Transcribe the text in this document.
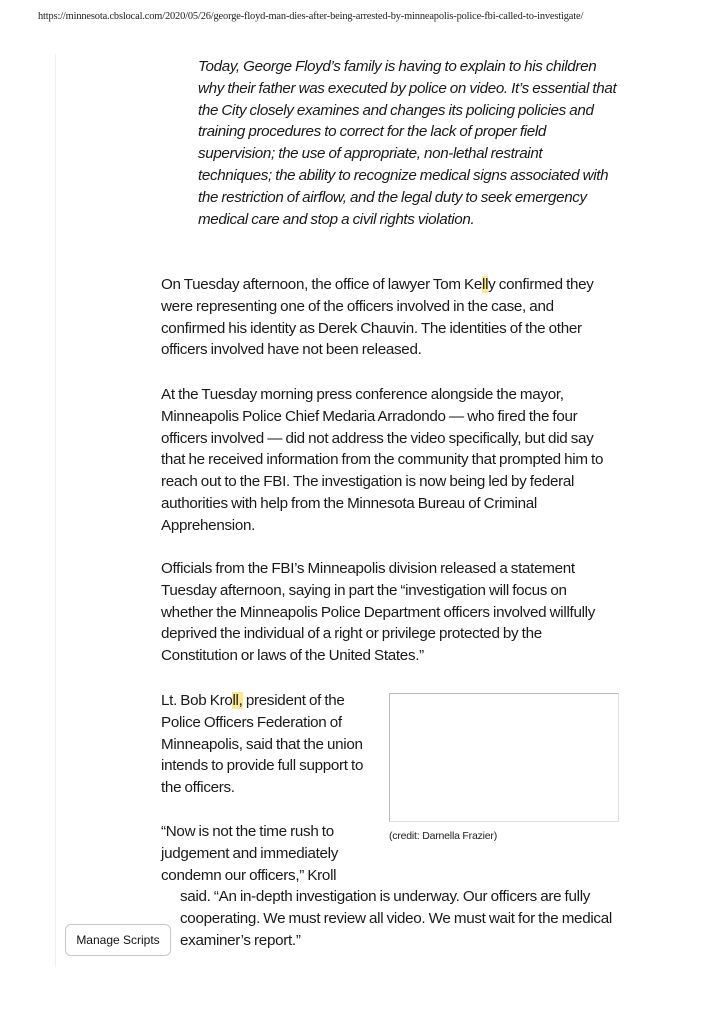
https://minnesota.cbslocal.com/2020/05/26/george-floyd-man-dies-after-being-arrested-by-minneapolis-police-fbi-called-to-investigate/
Today, George Floyd’s family is having to explain to his children why their father was executed by police on video. It’s essential that the City closely examines and changes its policing policies and training procedures to correct for the lack of proper field supervision; the use of appropriate, non-lethal restraint techniques; the ability to recognize medical signs associated with the restriction of airflow, and the legal duty to seek emergency medical care and stop a civil rights violation.

On Tuesday afternoon, the office of lawyer Tom Kelly confirmed they were representing one of the officers involved in the case, and confirmed his identity as Derek Chauvin. The identities of the other officers involved have not been released.

At the Tuesday morning press conference alongside the mayor, Minneapolis Police Chief Medaria Arradondo — who fired the four officers involved — did not address the video specifically, but did say that he received information from the community that prompted him to reach out to the FBI. The investigation is now being led by federal authorities with help from the Minnesota Bureau of Criminal Apprehension.

Officials from the FBI’s Minneapolis division released a statement Tuesday afternoon, saying in part the “investigation will focus on whether the Minneapolis Police Department officers involved willfully deprived the individual of a right or privilege protected by the Constitution or laws of the United States.”

Lt. Bob Kroll, president of the Police Officers Federation of Minneapolis, said that the union intends to provide full support to the officers.

(credit: Darnella Frazier)

“Now is not the time rush to judgement and immediately condemn our officers,” Kroll

said. “An in-depth investigation is underway. Our officers are fully cooperating. We must review all video. We must wait for the medical examiner’s report.”

Manage Scripts
